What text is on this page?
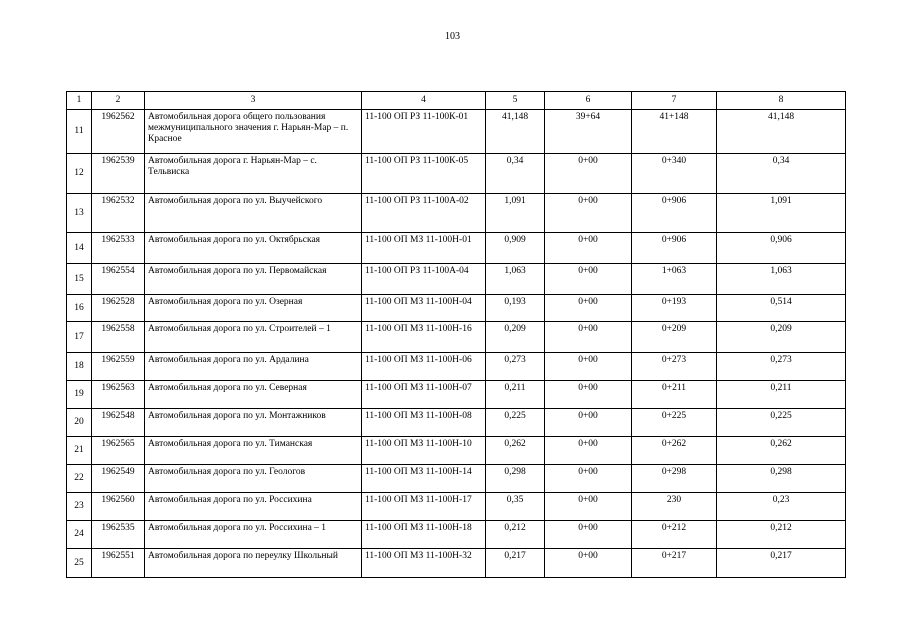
103
1	2	3	4	5	6	7	8
11	1962562	Автомобильная дорога общего пользования межмуниципального значения г. Нарьян-Мар – п. Красное	11-100 ОП РЗ 11-100К-01	41,148	39+64	41+148	41,148
12	1962539	Автомобильная дорога г. Нарьян-Мар – с. Тельвиска	11-100 ОП РЗ 11-100К-05	0,34	0+00	0+340	0,34
13	1962532	Автомобильная дорога по ул. Выучейского	11-100 ОП РЗ 11-100А-02	1,091	0+00	0+906	1,091
14	1962533	Автомобильная дорога по ул. Октябрьская	11-100 ОП МЗ 11-100Н-01	0,909	0+00	0+906	0,906
15	1962554	Автомобильная дорога по ул. Первомайская	11-100 ОП РЗ 11-100А-04	1,063	0+00	1+063	1,063
16	1962528	Автомобильная дорога по ул. Озерная	11-100 ОП МЗ 11-100Н-04	0,193	0+00	0+193	0,514
17	1962558	Автомобильная дорога по ул. Строителей – 1	11-100 ОП МЗ 11-100Н-16	0,209	0+00	0+209	0,209
18	1962559	Автомобильная дорога по ул. Ардалина	11-100 ОП МЗ 11-100Н-06	0,273	0+00	0+273	0,273
19	1962563	Автомобильная дорога по ул. Северная	11-100 ОП МЗ 11-100Н-07	0,211	0+00	0+211	0,211
20	1962548	Автомобильная дорога по ул. Монтажников	11-100 ОП МЗ 11-100Н-08	0,225	0+00	0+225	0,225
21	1962565	Автомобильная дорога по ул. Тиманская	11-100 ОП МЗ 11-100Н-10	0,262	0+00	0+262	0,262
22	1962549	Автомобильная дорога по ул. Геологов	11-100 ОП МЗ 11-100Н-14	0,298	0+00	0+298	0,298
23	1962560	Автомобильная дорога по ул. Россихина	11-100 ОП МЗ 11-100Н-17	0,35	0+00	230	0,23
24	1962535	Автомобильная дорога по ул. Россихина – 1	11-100 ОП МЗ 11-100Н-18	0,212	0+00	0+212	0,212
25	1962551	Автомобильная дорога по переулку Школьный	11-100 ОП МЗ 11-100Н-32	0,217	0+00	0+217	0,217
